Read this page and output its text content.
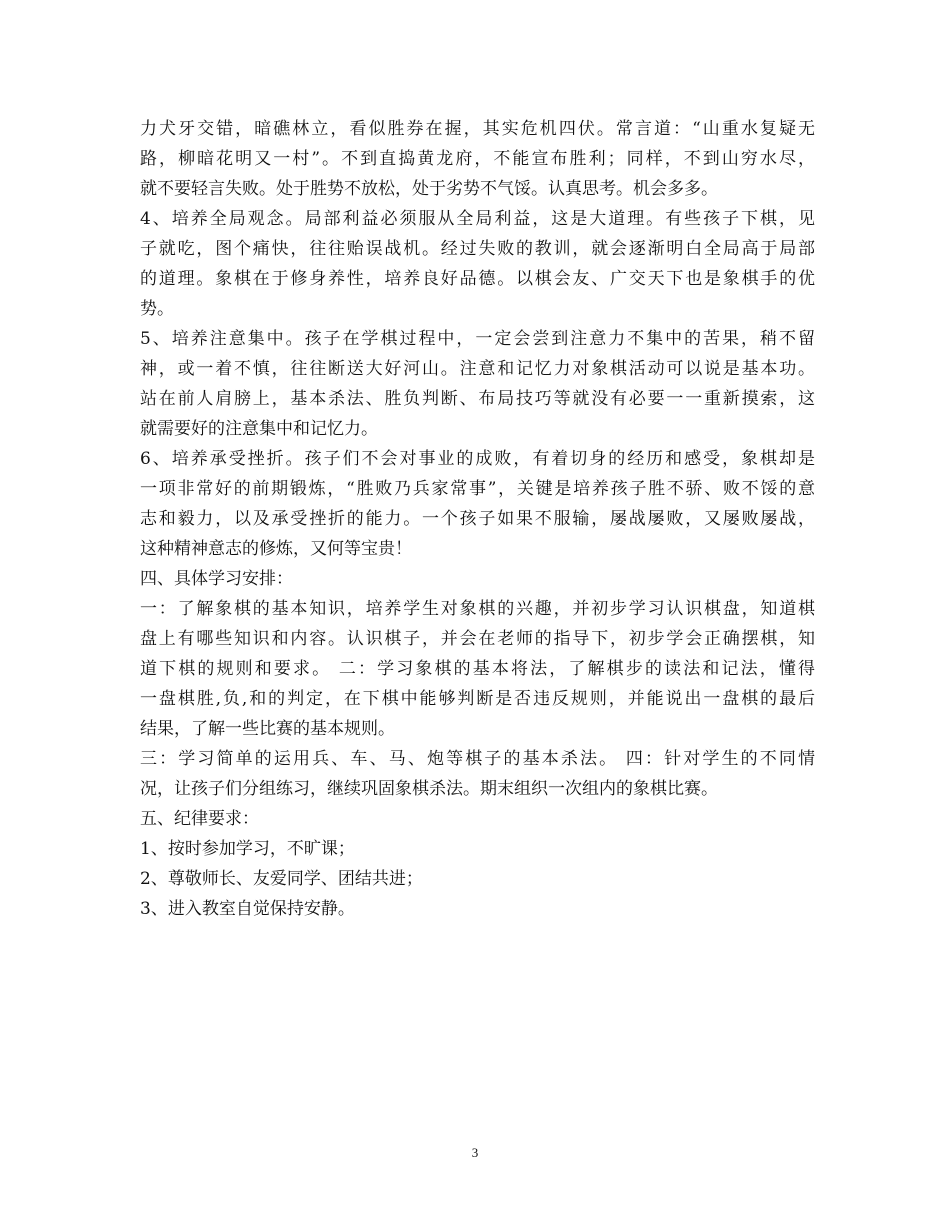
力犬牙交错，暗礁林立，看似胜券在握，其实危机四伏。常言道：“山重水复疑无
路，柳暗花明又一村”。不到直捣黄龙府，不能宣布胜利；同样，不到山穷水尽，
就不要轻言失败。处于胜势不放松，处于劣势不气馁。认真思考。机会多多。
4、培养全局观念。局部利益必须服从全局利益，这是大道理。有些孩子下棋，见
子就吃，图个痛快，往往贻误战机。经过失败的教训，就会逐渐明白全局高于局部
的道理。象棋在于修身养性，培养良好品德。以棋会友、广交天下也是象棋手的优
势。
5、培养注意集中。孩子在学棋过程中，一定会尝到注意力不集中的苦果，稍不留
神，或一着不慎，往往断送大好河山。注意和记忆力对象棋活动可以说是基本功。
站在前人肩膀上，基本杀法、胜负判断、布局技巧等就没有必要一一重新摸索，这
就需要好的注意集中和记忆力。
6、培养承受挫折。孩子们不会对事业的成败，有着切身的经历和感受，象棋却是
一项非常好的前期锻炼，“胜败乃兵家常事”，关键是培养孩子胜不骄、败不馁的意
志和毅力，以及承受挫折的能力。一个孩子如果不服输，屡战屡败，又屡败屡战，
这种精神意志的修炼，又何等宝贵！
四、具体学习安排：
一：了解象棋的基本知识，培养学生对象棋的兴趣，并初步学习认识棋盘，知道棋
盘上有哪些知识和内容。认识棋子，并会在老师的指导下，初步学会正确摆棋，知
道下棋的规则和要求。 二：学习象棋的基本将法，了解棋步的读法和记法，懂得
一盘棋胜,负,和的判定，在下棋中能够判断是否违反规则，并能说出一盘棋的最后
结果，了解一些比赛的基本规则。
三：学习简单的运用兵、车、马、炮等棋子的基本杀法。 四：针对学生的不同情
况，让孩子们分组练习，继续巩固象棋杀法。期末组织一次组内的象棋比赛。
五、纪律要求：
1、按时参加学习，不旷课；
2、尊敬师长、友爱同学、团结共进；
3、进入教室自觉保持安静。
3
